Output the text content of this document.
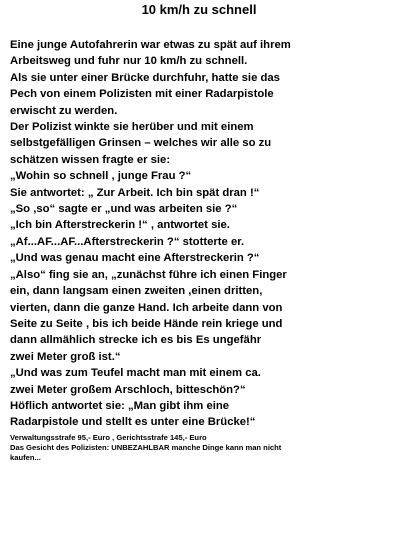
10 km/h zu schnell

Eine junge Autofahrerin war etwas zu spät auf ihrem

Arbeitsweg und fuhr nur 10 km/h zu schnell.

Als sie unter einer Brücke durchfuhr, hatte sie das

Pech von einem Polizisten mit einer Radarpistole

erwischt zu werden.

Der Polizist winkte sie herüber und mit einem

selbstgefälligen Grinsen – welches wir alle so zu

schätzen wissen fragte er sie:

„Wohin so schnell , junge Frau ?“

Sie antwortet: „ Zur Arbeit. Ich bin spät dran !“

„So ,so“ sagte er „und was arbeiten sie ?“

„Ich bin Afterstreckerin !“ , antwortet sie.

„Af...AF...AF...Afterstreckerin ?“ stotterte er.

„Und was genau macht eine Afterstreckerin ?“

„Also“ fing sie an, „zunächst führe ich einen Finger

ein, dann langsam einen zweiten ,einen dritten,

vierten, dann die ganze Hand. Ich arbeite dann von

Seite zu Seite , bis ich beide Hände rein kriege und

dann allmählich strecke ich es bis Es ungefähr

zwei Meter groß ist.“

„Und was zum Teufel macht man mit einem ca.

zwei Meter großem Arschloch, bitteschön?“

Höflich antwortet sie: „Man gibt ihm eine

Radarpistole und stellt es unter eine Brücke!“

Verwaltungsstrafe 95,- Euro , Gerichtsstrafe 145,- Euro

Das Gesicht des Polizisten: UNBEZAHLBAR manche Dinge kann man nicht

kaufen...
